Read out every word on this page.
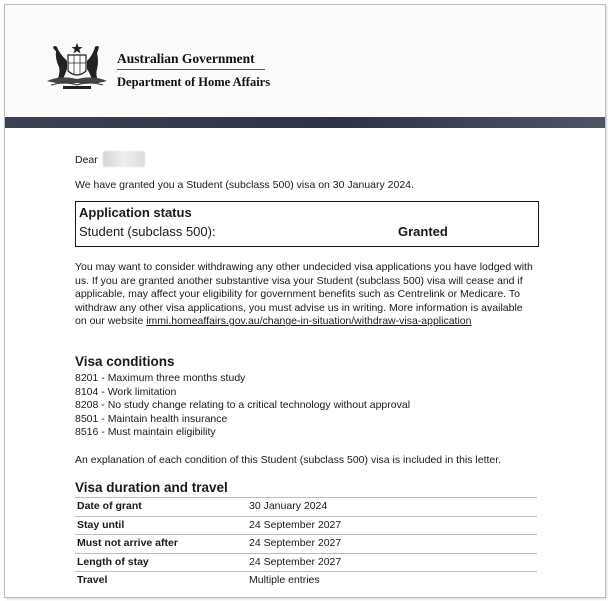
Australian Government
Department of Home Affairs
Dear
We have granted you a Student (subclass 500) visa on 30 January 2024.
Application status
Student (subclass 500):	Granted
You may want to consider withdrawing any other undecided visa applications you have lodged with us. If you are granted another substantive visa your Student (subclass 500) visa will cease and if applicable, may affect your eligibility for government benefits such as Centrelink or Medicare. To withdraw any other visa applications, you must advise us in writing. More information is available on our website immi.homeaffairs.gov.au/change-in-situation/withdraw-visa-application
Visa conditions
8201 - Maximum three months study
8104 - Work limitation
8208 - No study change relating to a critical technology without approval
8501 - Maintain health insurance
8516 - Must maintain eligibility
An explanation of each condition of this Student (subclass 500) visa is included in this letter.
Visa duration and travel
Date of grant	30 January 2024
Stay until	24 September 2027
Must not arrive after	24 September 2027
Length of stay	24 September 2027
Travel	Multiple entries
